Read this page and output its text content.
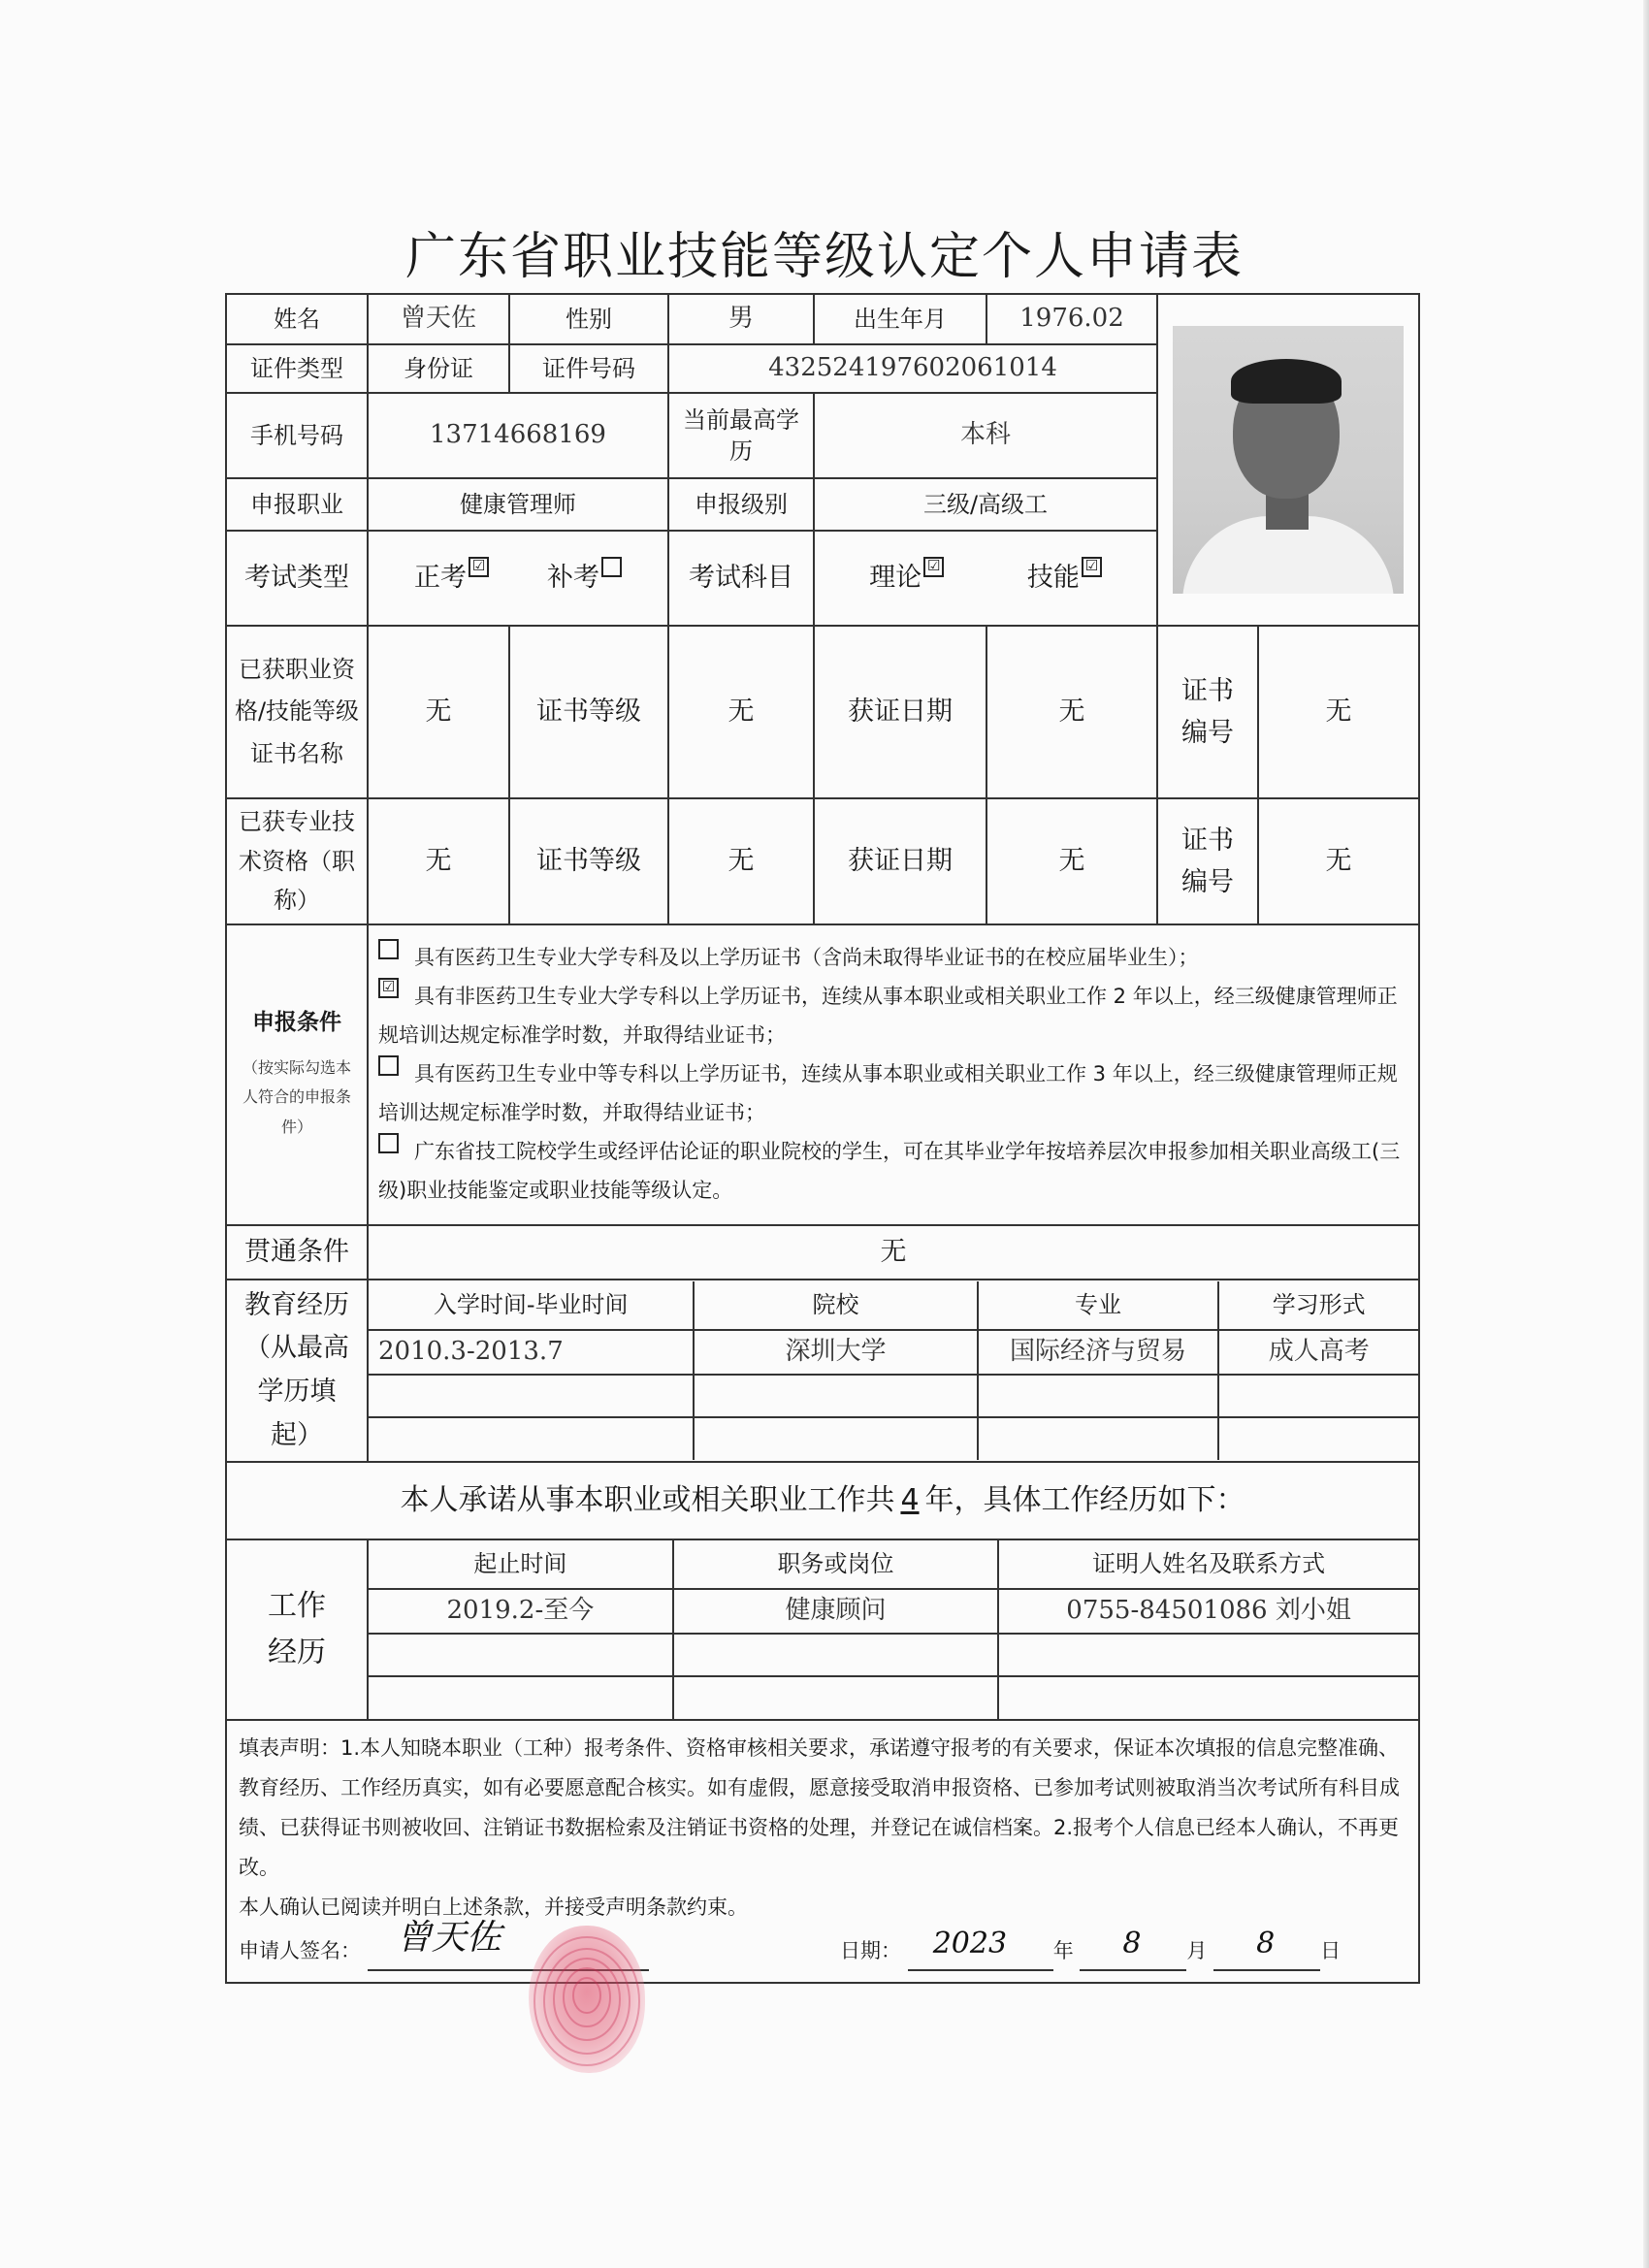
广东省职业技能等级认定个人申请表
姓名	曾天佐	性别	男	出生年月	1976.02	

证件类型	身份证	证件号码	432524197602061014
手机号码	13714668169	当前最高学历	本科
申报职业	健康管理师	申报级别	三级/高级工
考试类型	正考 ☑ 补考	考试科目	理论 ☑	技能 ☑
已获职业资格/技能等级证书名称	无	证书等级	无	获证日期	无	证书编号	无
已获专业技术资格（职称）	无	证书等级	无	获证日期	无	证书编号	无

申报条件
（按实际勾选本人符合的申报条件）

具有医药卫生专业大学专科及以上学历证书（含尚未取得毕业证书的在校应届毕业生）；
☑ 具有非医药卫生专业大学专科以上学历证书，连续从事本职业或相关职业工作 2 年以上，经三级健康管理师正规培训达规定标准学时数，并取得结业证书；
具有医药卫生专业中等专科以上学历证书，连续从事本职业或相关职业工作 3 年以上，经三级健康管理师正规培训达规定标准学时数，并取得结业证书；
广东省技工院校学生或经评估论证的职业院校的学生，可在其毕业学年按培养层次申报参加相关职业高级工(三级)职业技能鉴定或职业技能等级认定。

贯通条件	无
教育经历（从最高学历填起）	
入学时间-毕业时间	院校	专业	学习形式
2010.3-2013.7	深圳大学	国际经济与贸易	成人高考

本人承诺从事本职业或相关职业工作共 4 年，具体工作经历如下：
工作经历	
起止时间	职务或岗位	证明人姓名及联系方式
2019.2-至今	健康顾问	0755-84501086 刘小姐

填表声明：1.本人知晓本职业（工种）报考条件、资格审核相关要求，承诺遵守报考的有关要求，保证本次填报的信息完整准确、教育经历、工作经历真实，如有必要愿意配合核实。如有虚假，愿意接受取消申报资格、已参加考试则被取消当次考试所有科目成绩、已获得证书则被收回、注销证书数据检索及注销证书资格的处理，并登记在诚信档案。2.报考个人信息已经本人确认，不再更改。
本人确认已阅读并明白上述条款，并接受声明条款约束。
申请人签名： 曾天佐	日期： 2023 年 8 月 8 日
